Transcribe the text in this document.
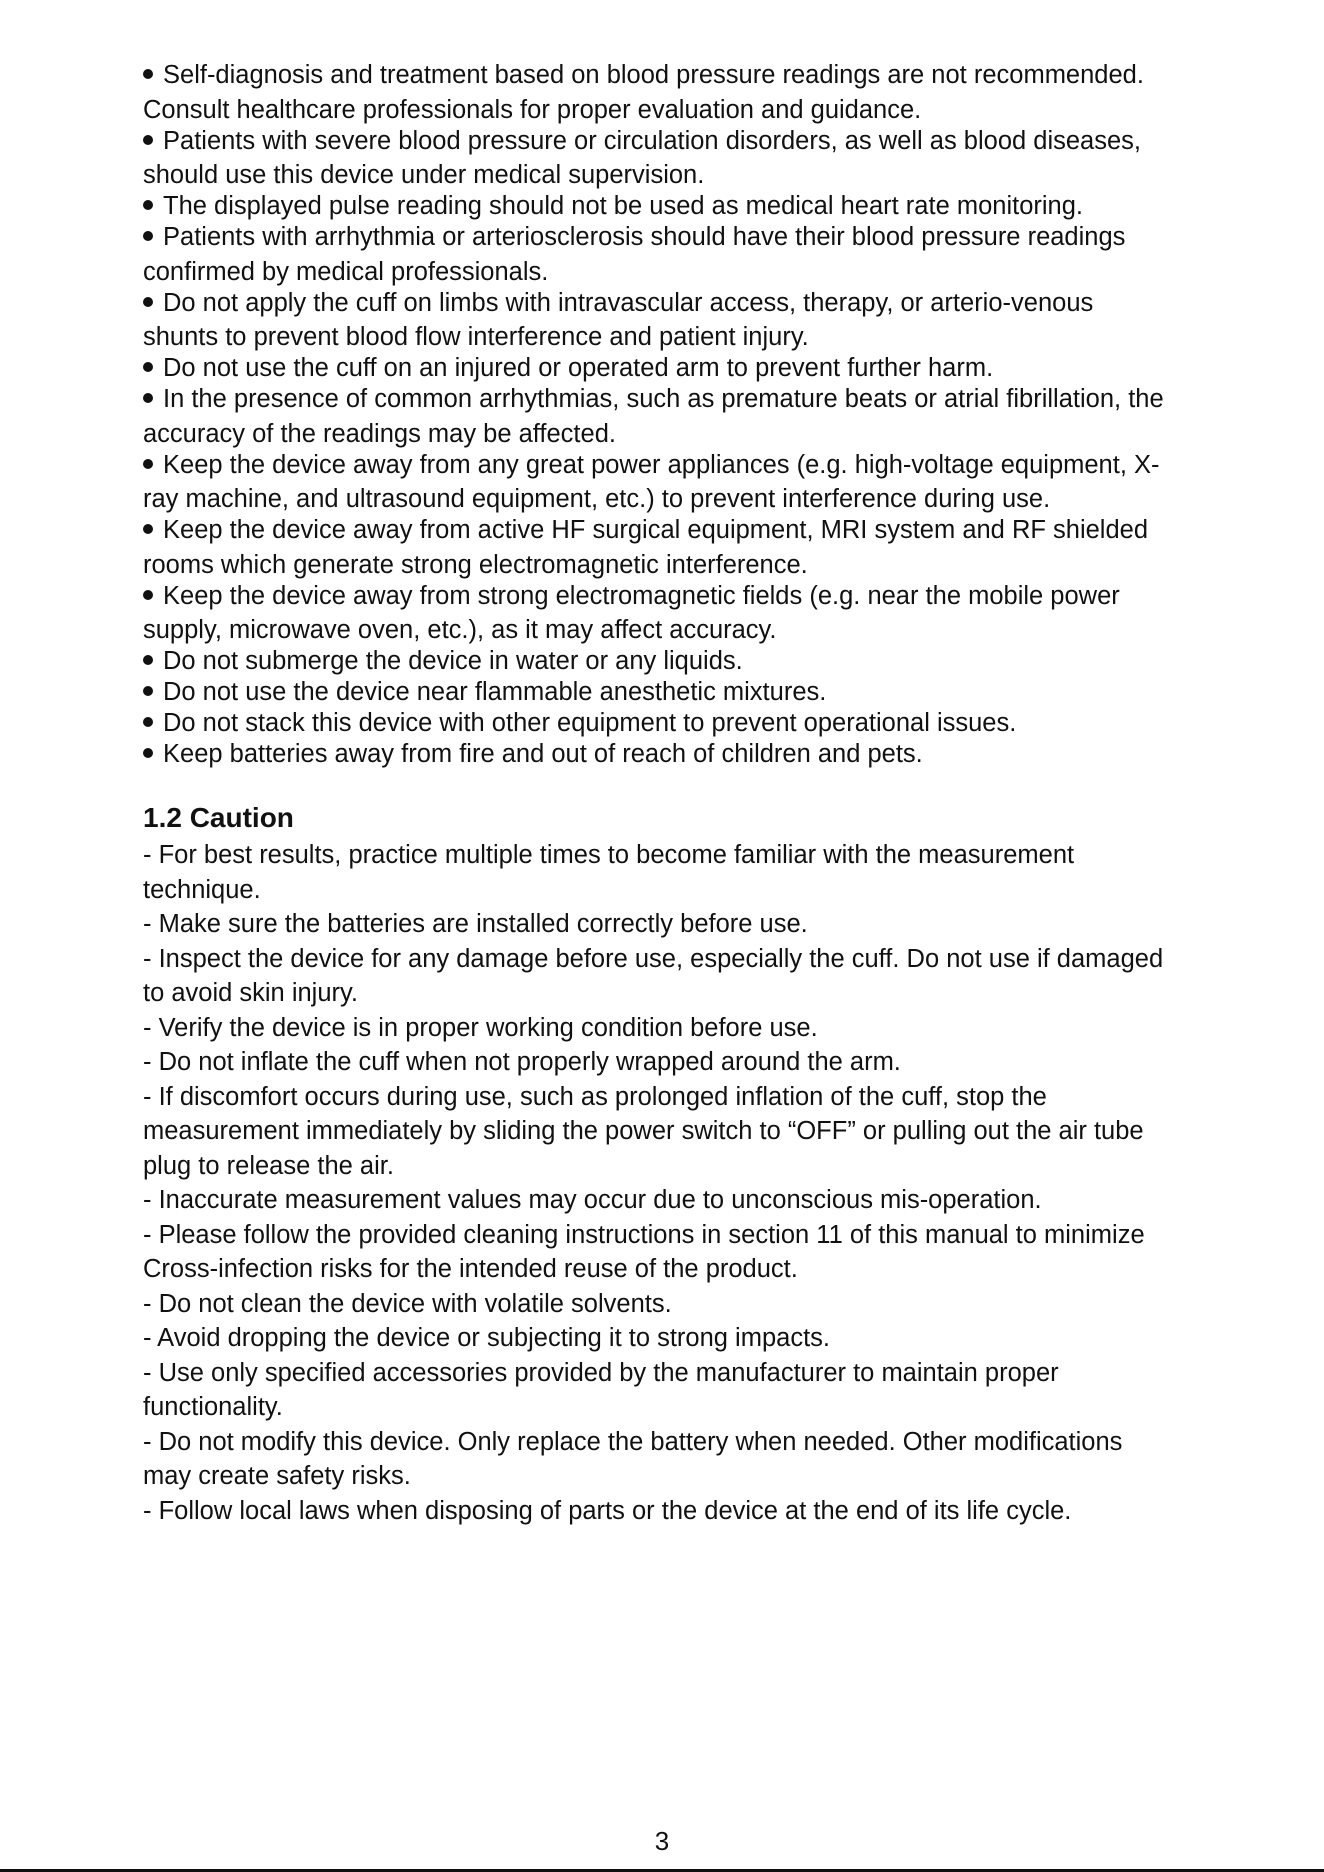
Self-diagnosis and treatment based on blood pressure readings are not recommended. Consult healthcare professionals for proper evaluation and guidance.
Patients with severe blood pressure or circulation disorders, as well as blood diseases, should use this device under medical supervision.
The displayed pulse reading should not be used as medical heart rate monitoring.
Patients with arrhythmia or arteriosclerosis should have their blood pressure readings confirmed by medical professionals.
Do not apply the cuff on limbs with intravascular access, therapy, or arterio-venous shunts to prevent blood flow interference and patient injury.
Do not use the cuff on an injured or operated arm to prevent further harm.
In the presence of common arrhythmias, such as premature beats or atrial fibrillation, the accuracy of the readings may be affected.
Keep the device away from any great power appliances (e.g. high-voltage equipment, X-ray machine, and ultrasound equipment, etc.) to prevent interference during use.
Keep the device away from active HF surgical equipment, MRI system and RF shielded rooms which generate strong electromagnetic interference.
Keep the device away from strong electromagnetic fields (e.g. near the mobile power supply, microwave oven, etc.), as it may affect accuracy.
Do not submerge the device in water or any liquids.
Do not use the device near flammable anesthetic mixtures.
Do not stack this device with other equipment to prevent operational issues.
Keep batteries away from fire and out of reach of children and pets.
1.2 Caution
- For best results, practice multiple times to become familiar with the measurement technique.
- Make sure the batteries are installed correctly before use.
- Inspect the device for any damage before use, especially the cuff. Do not use if damaged to avoid skin injury.
- Verify the device is in proper working condition before use.
- Do not inflate the cuff when not properly wrapped around the arm.
- If discomfort occurs during use, such as prolonged inflation of the cuff, stop the measurement immediately by sliding the power switch to “OFF” or pulling out the air tube plug to release the air.
- Inaccurate measurement values may occur due to unconscious mis-operation.
- Please follow the provided cleaning instructions in section 11 of this manual to minimize Cross-infection risks for the intended reuse of the product.
- Do not clean the device with volatile solvents.
- Avoid dropping the device or subjecting it to strong impacts.
- Use only specified accessories provided by the manufacturer to maintain proper functionality.
- Do not modify this device. Only replace the battery when needed. Other modifications may create safety risks.
- Follow local laws when disposing of parts or the device at the end of its life cycle.
3
